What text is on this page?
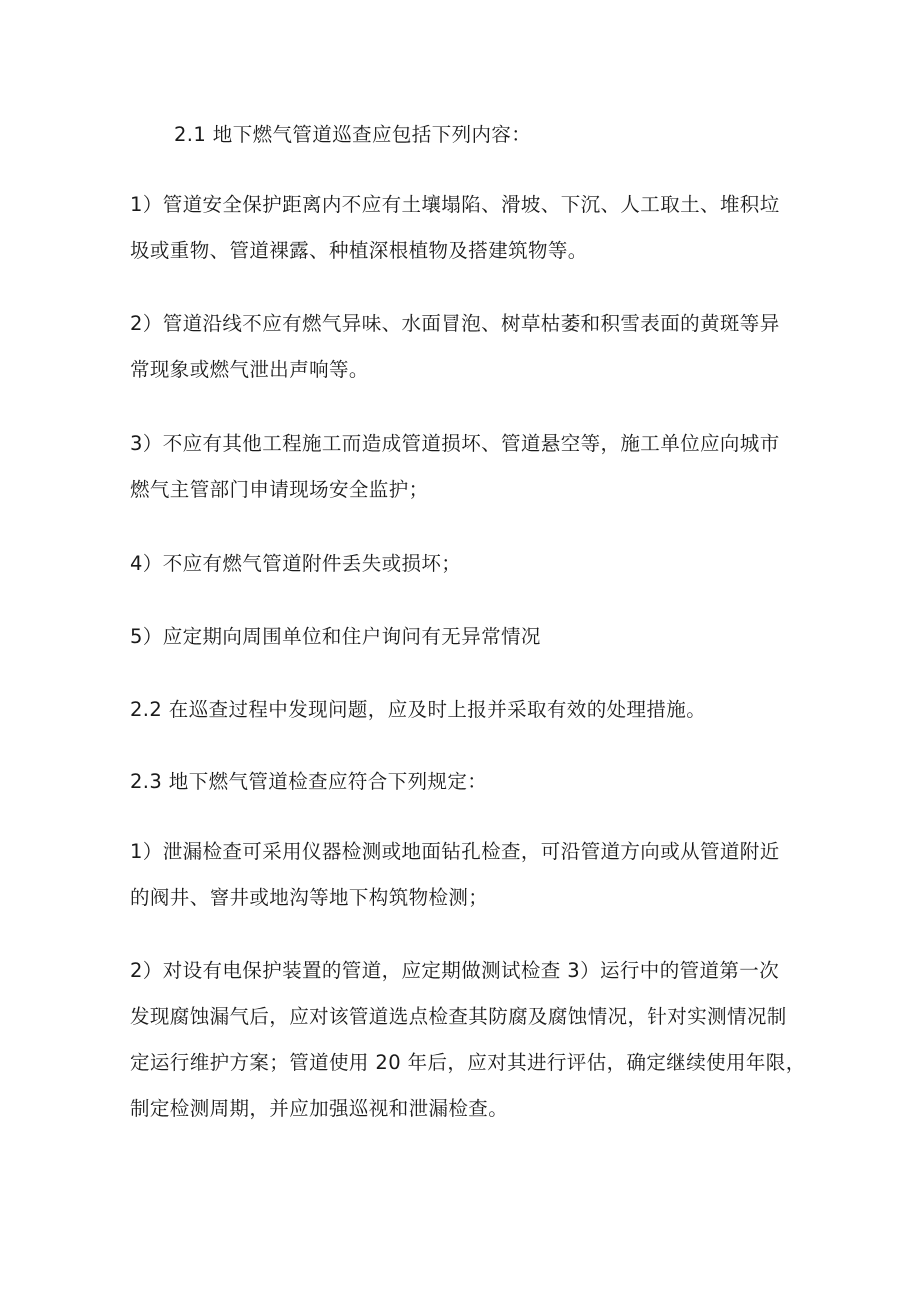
2.1 地下燃气管道巡查应包括下列内容：

1）管道安全保护距离内不应有土壤塌陷、滑坡、下沉、人工取土、堆积垃
圾或重物、管道裸露、种植深根植物及搭建筑物等。

2）管道沿线不应有燃气异味、水面冒泡、树草枯萎和积雪表面的黄斑等异
常现象或燃气泄出声响等。

3）不应有其他工程施工而造成管道损坏、管道悬空等，施工单位应向城市
燃气主管部门申请现场安全监护；

4）不应有燃气管道附件丢失或损坏；

5）应定期向周围单位和住户询问有无异常情况

2.2 在巡查过程中发现问题，应及时上报并采取有效的处理措施。

2.3 地下燃气管道检查应符合下列规定：

1）泄漏检查可采用仪器检测或地面钻孔检查，可沿管道方向或从管道附近
的阀井、窨井或地沟等地下构筑物检测；

2）对设有电保护装置的管道，应定期做测试检查 3）运行中的管道第一次
发现腐蚀漏气后，应对该管道选点检查其防腐及腐蚀情况，针对实测情况制
定运行维护方案；管道使用 20 年后，应对其进行评估，确定继续使用年限，
制定检测周期，并应加强巡视和泄漏检查。
